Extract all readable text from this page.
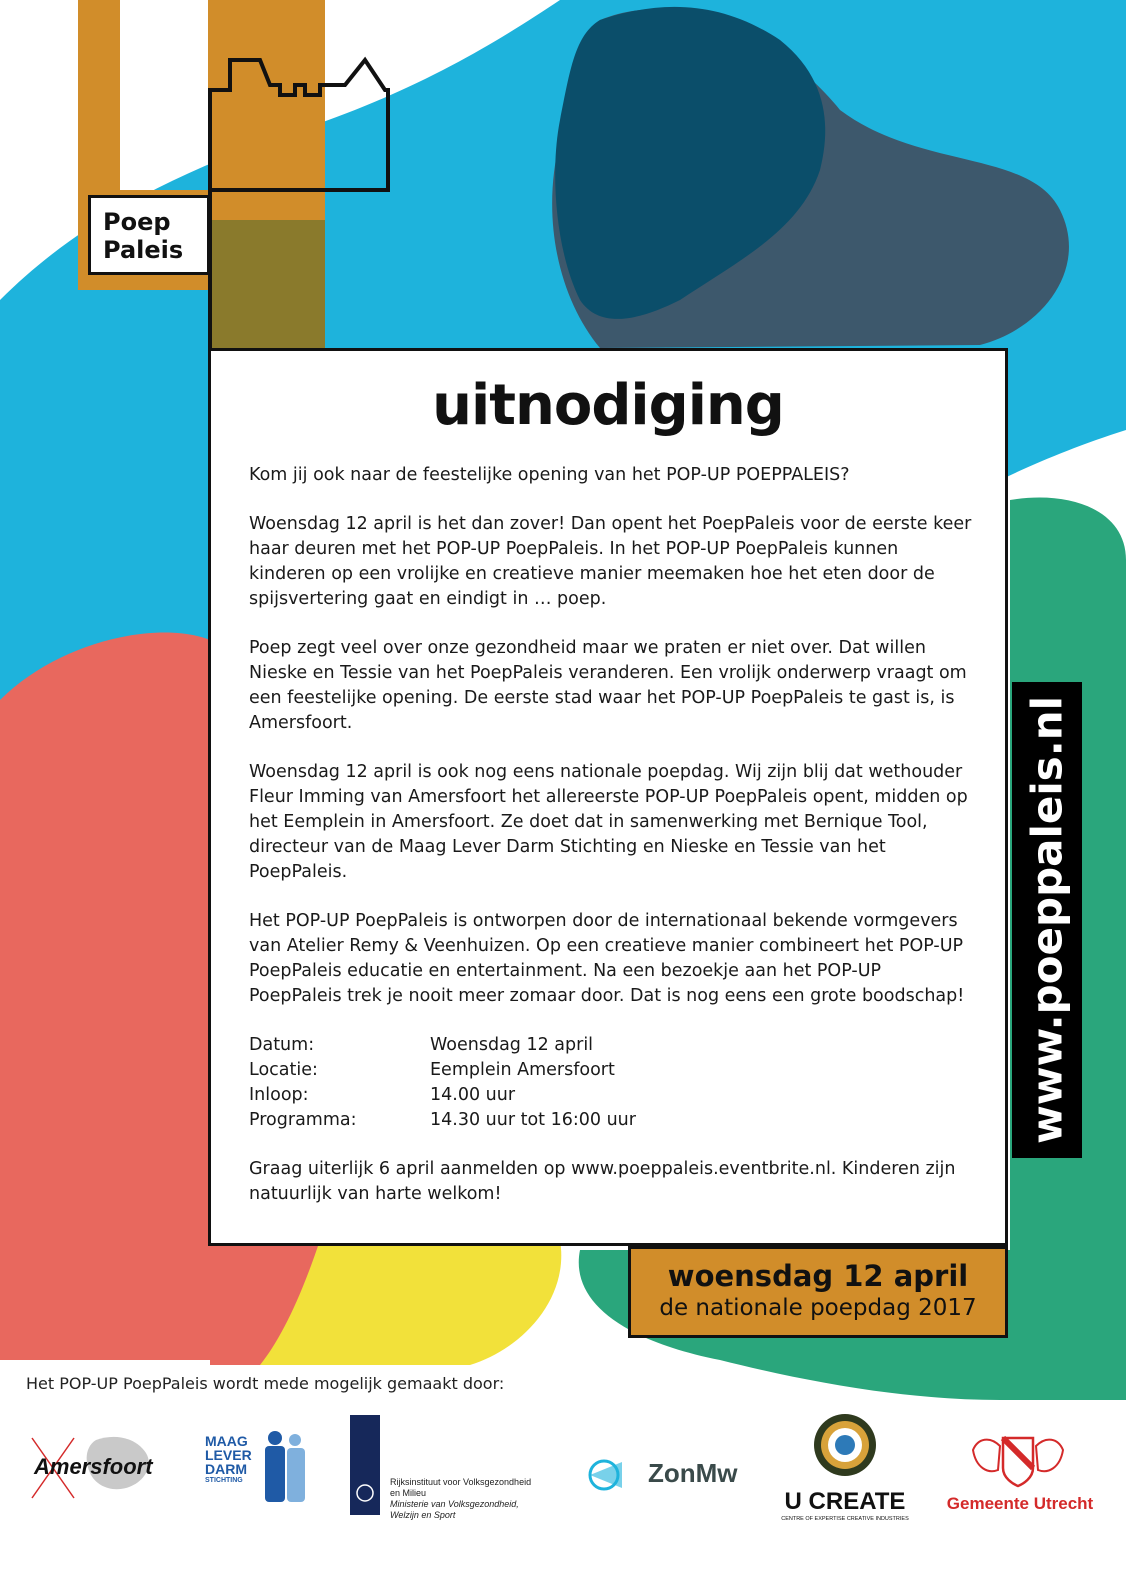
Poep
Paleis
uitnodiging

Kom jij ook naar de feestelijke opening van het POP-UP POEPPALEIS?

Woensdag 12 april is het dan zover! Dan opent het PoepPaleis voor de eerste keer haar deuren met het POP-UP PoepPaleis. In het POP-UP PoepPaleis kunnen kinderen op een vrolijke en creatieve manier meemaken hoe het eten door de spijsvertering gaat en eindigt in … poep.

Poep zegt veel over onze gezondheid maar we praten er niet over. Dat willen Nieske en Tessie van het PoepPaleis veranderen. Een vrolijk onderwerp vraagt om een feestelijke opening. De eerste stad waar het POP-UP PoepPaleis te gast is, is Amersfoort.

Woensdag 12 april is ook nog eens nationale poepdag. Wij zijn blij dat wethouder Fleur Imming van Amersfoort het allereerste POP-UP PoepPaleis opent, midden op het Eemplein in Amersfoort. Ze doet dat in samenwerking met Bernique Tool, directeur van de Maag Lever Darm Stichting en Nieske en Tessie van het PoepPaleis.

Het POP-UP PoepPaleis is ontworpen door de internationaal bekende vormgevers van Atelier Remy & Veenhuizen. Op een creatieve manier combineert het POP-UP PoepPaleis educatie en entertainment. Na een bezoekje aan het POP-UP PoepPaleis trek je nooit meer zomaar door. Dat is nog eens een grote boodschap!

Datum:	Woensdag 12 april
Locatie:	Eemplein Amersfoort
Inloop:	14.00 uur
Programma:	14.30 uur tot 16:00 uur

Graag uiterlijk 6 april aanmelden op www.poeppaleis.eventbrite.nl. Kinderen zijn natuurlijk van harte welkom!

www.poeppaleis.nl
woensdag 12 april
de nationale poepdag 2017
Het POP-UP PoepPaleis wordt mede mogelijk gemaakt door:
Amersfoort
MAAG
LEVER
DARM
STICHTING	Rijksinstituut voor Volksgezondheid
en Milieu
Ministerie van Volksgezondheid,
Welzijn en Sport
ZonMw
U CREATE
CENTRE OF EXPERTISE CREATIVE INDUSTRIES
Gemeente Utrecht
